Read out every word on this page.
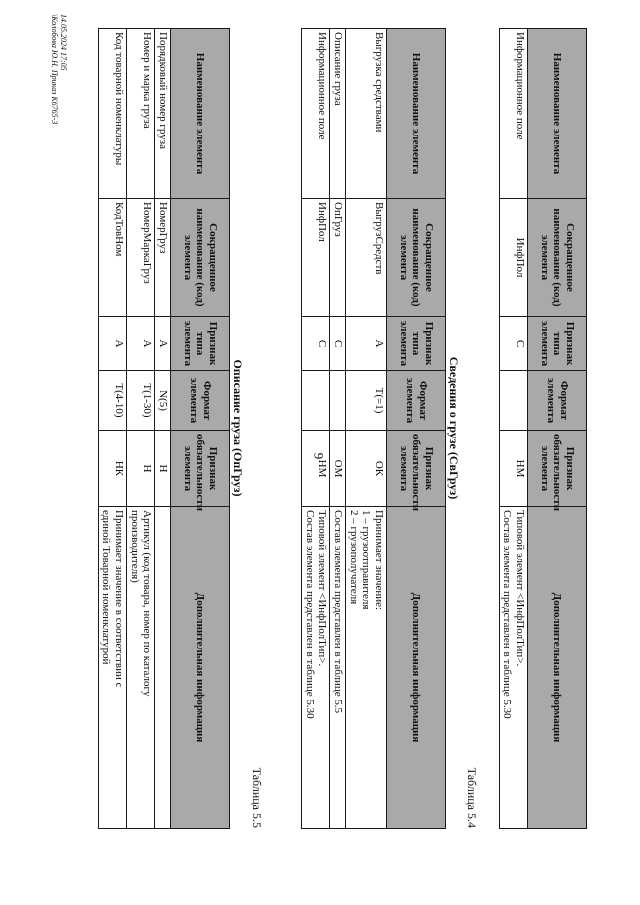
9
Наименование элемента	Сокращенное наименование (код) элемента	Признак типа элемента	Формат элемента	Признак обязательности элемента	Дополнительная информация
Информационное поле	ИнфПол	С		НМ	Типовой элемент <ИнфПолТип>.
Состав элемента представлен в таблице 5.30
Таблица 5.4
Сведения о грузе (СвГруз)
Наименование элемента	Сокращенное наименование (код) элемента	Признак типа элемента	Формат элемента	Признак обязательности элемента	Дополнительная информация
Выгрузка средствами	ВыгрузСредств	А	Т(=1)	ОК	Принимает значение:
1 – грузоотправителя
2 – грузополучателя

Описание груза	ОпГруз	С		ОМ	Состав элемента представлен в таблице 5.5

Информационное поле	ИнфПол	С		НМ	Типовой элемент <ИнфПолТип>.
Состав элемента представлен в таблице 5.30
Таблица 5.5
Описание груза (ОпГруз)
Наименование элемента	Сокращенное наименование (код) элемента	Признак типа элемента	Формат элемента	Признак обязательности элемента	Дополнительная информация
Порядковый номер груза	НомерГруз	А	N(5)	Н	
Номер и марка груза	НомерМаркаГруз	А	Т(1-30)	Н	Артикул (код товара, номер по каталогу
производителя)

Код товарной номенклатуры	КодТовНом	А	Т(4-10)	НК	Принимает значение в соответствии с
единой Товарной номенклатурой
14.05.2024 17:05
\Колобова Ю.Н. Приказ К6765-3
